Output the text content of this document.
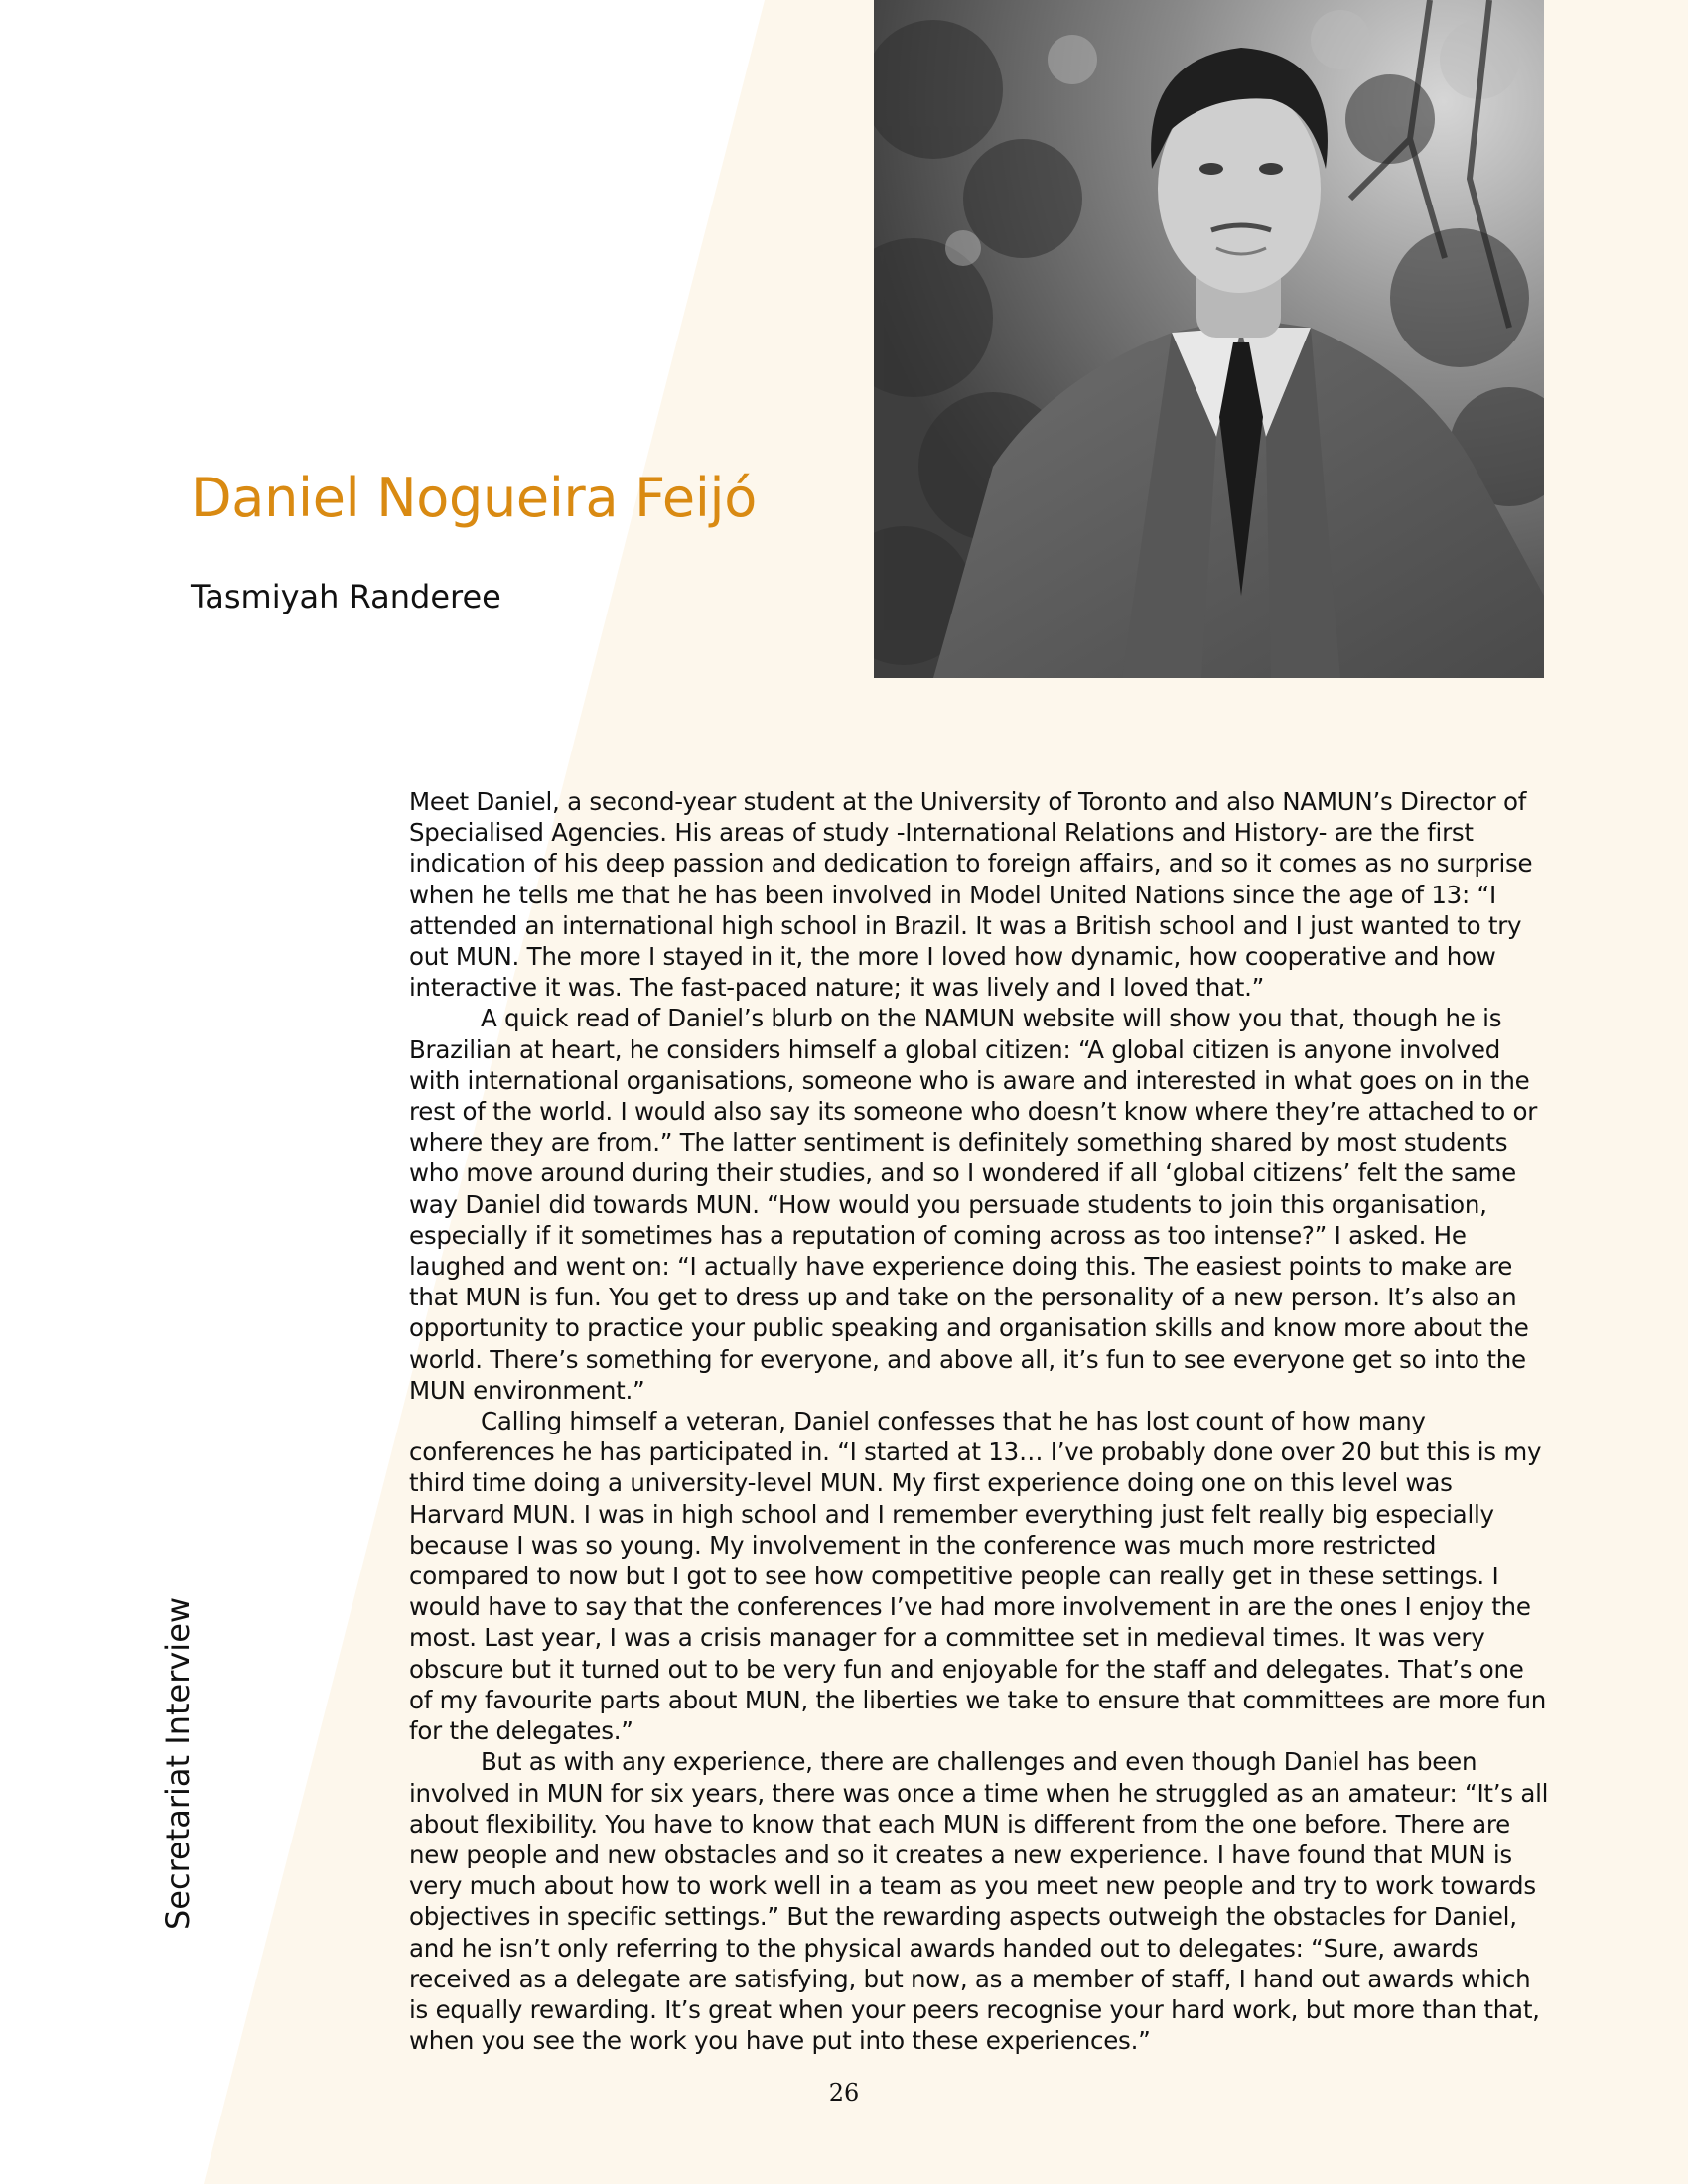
Daniel Nogueira Feijó
Tasmiyah Randeree

Meet Daniel, a second-year student at the University of Toronto and also NAMUN’s Director of Specialised Agencies. His areas of study -International Relations and History- are the first indication of his deep passion and dedication to foreign affairs, and so it comes as no surprise when he tells me that he has been involved in Model United Nations since the age of 13: “I attended an international high school in Brazil. It was a British school and I just wanted to try out MUN. The more I stayed in it, the more I loved how dynamic, how cooperative and how interactive it was. The fast-paced nature; it was lively and I loved that.”

A quick read of Daniel’s blurb on the NAMUN website will show you that, though he is Brazilian at heart, he considers himself a global citizen: “A global citizen is anyone involved with international organisations, someone who is aware and interested in what goes on in the rest of the world. I would also say its someone who doesn’t know where they’re attached to or where they are from.” The latter sentiment is definitely something shared by most students who move around during their studies, and so I wondered if all ‘global citizens’ felt the same way Daniel did towards MUN. “How would you persuade students to join this organisation, especially if it sometimes has a reputation of coming across as too intense?” I asked. He laughed and went on: “I actually have experience doing this. The easiest points to make are that MUN is fun. You get to dress up and take on the personality of a new person. It’s also an opportunity to practice your public speaking and organisation skills and know more about the world. There’s something for everyone, and above all, it’s fun to see everyone get so into the MUN environment.”

Calling himself a veteran, Daniel confesses that he has lost count of how many conferences he has participated in. “I started at 13… I’ve probably done over 20 but this is my third time doing a university-level MUN. My first experience doing one on this level was Harvard MUN. I was in high school and I remember everything just felt really big especially because I was so young. My involvement in the conference was much more restricted compared to now but I got to see how competitive people can really get in these settings. I would have to say that the conferences I’ve had more involvement in are the ones I enjoy the most. Last year, I was a crisis manager for a committee set in medieval times. It was very obscure but it turned out to be very fun and enjoyable for the staff and delegates. That’s one of my favourite parts about MUN, the liberties we take to ensure that committees are more fun for the delegates.”

But as with any experience, there are challenges and even though Daniel has been involved in MUN for six years, there was once a time when he struggled as an amateur: “It’s all about flexibility. You have to know that each MUN is different from the one before. There are new people and new obstacles and so it creates a new experience. I have found that MUN is very much about how to work well in a team as you meet new people and try to work towards objectives in specific settings.” But the rewarding aspects outweigh the obstacles for Daniel, and he isn’t only referring to the physical awards handed out to delegates: “Sure, awards received as a delegate are satisfying, but now, as a member of staff, I hand out awards which is equally rewarding. It’s great when your peers recognise your hard work, but more than that, when you see the work you have put into these experiences.”

Secretariat Interview
26
